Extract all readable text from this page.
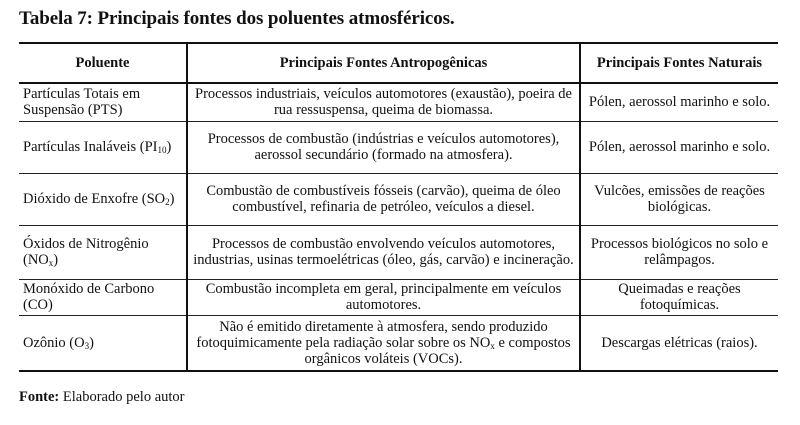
Tabela 7: Principais fontes dos poluentes atmosféricos.
Poluente	Principais Fontes Antropogênicas	Principais Fontes Naturais
Partículas Totais em Suspensão (PTS)	Processos industriais, veículos automotores (exaustão), poeira de rua ressuspensa, queima de biomassa.	Pólen, aerossol marinho e solo.
Partículas Inaláveis $(PI_{10})$	Processos de combustão (indústrias e veículos automotores), aerossol secundário (formado na atmosfera).	Pólen, aerossol marinho e solo.
Dióxido de Enxofre $(SO_2)$	Combustão de combustíveis fósseis (carvão), queima de óleo combustível, refinaria de petróleo, veículos a diesel.	Vulcões, emissões de reações biológicas.
Óxidos de Nitrogênio $(NO_x)$	Processos de combustão envolvendo veículos automotores, industrias, usinas termoelétricas (óleo, gás, carvão) e incineração.	Processos biológicos no solo e relâmpagos.
Monóxido de Carbono (CO)	Combustão incompleta em geral, principalmente em veículos automotores.	Queimadas e reações fotoquímicas.
Ozônio $(O_3)$	Não é emitido diretamente à atmosfera, sendo produzido fotoquimicamente pela radiação solar sobre os $NO_x$ e compostos orgânicos voláteis (VOCs).	Descargas elétricas (raios).
Fonte: Elaborado pelo autor
